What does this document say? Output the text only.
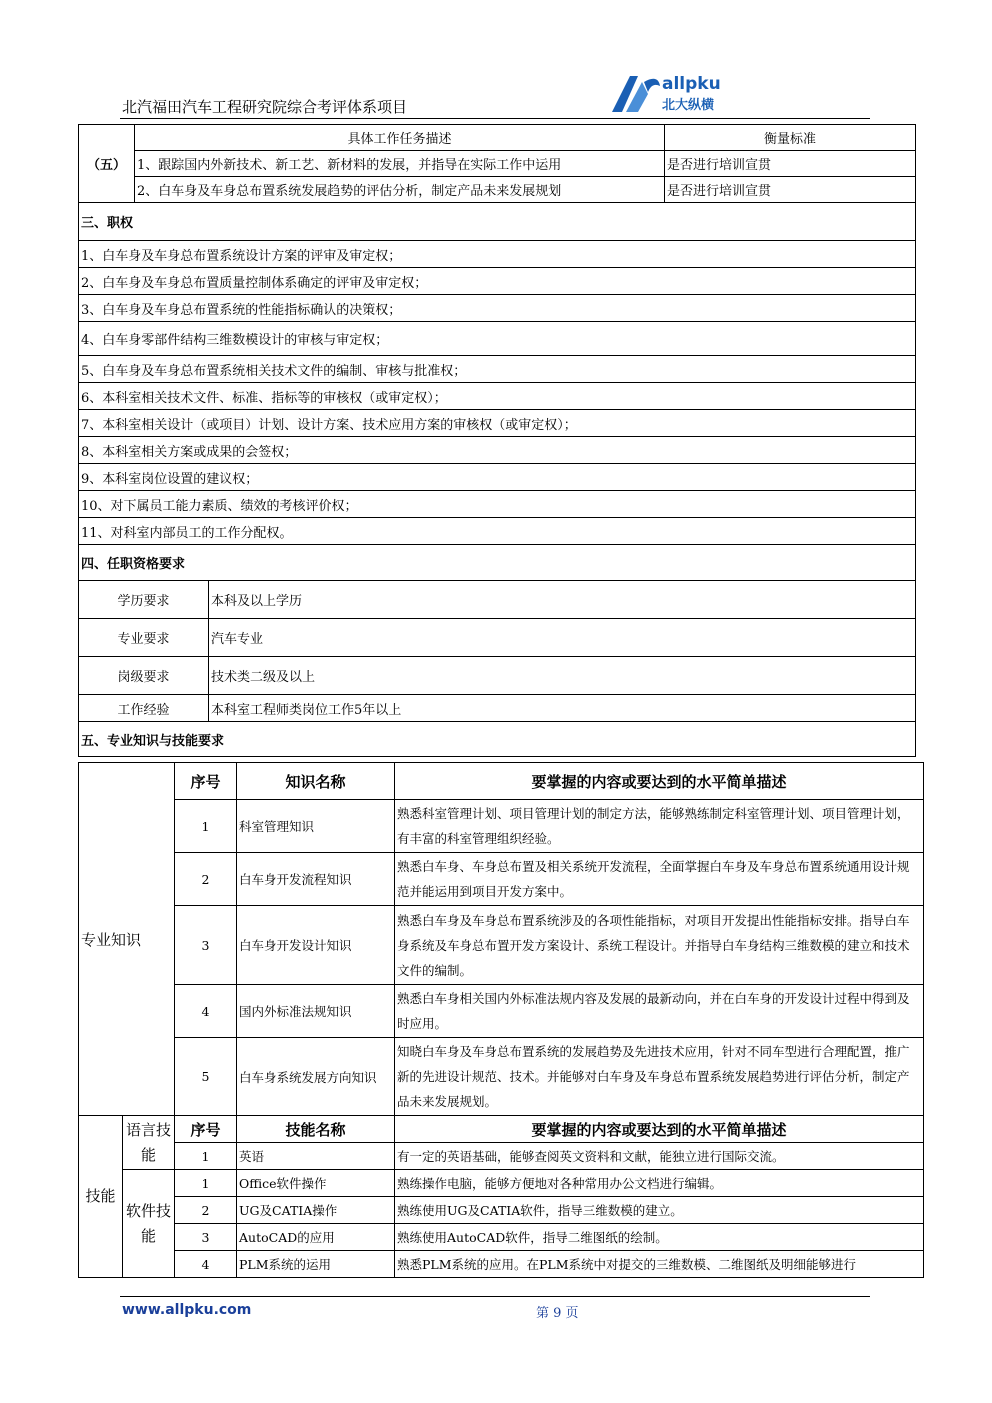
北汽福田汽车工程研究院综合考评体系项目
allpku
北大纵横
（五）	具体工作任务描述		衡量标准
	1、跟踪国内外新技术、新工艺、新材料的发展，并指导在实际工作中运用		是否进行培训宣贯
	2、白车身及车身总布置系统发展趋势的评估分析，制定产品未来发展规划		是否进行培训宣贯
三、职权			
1、白车身及车身总布置系统设计方案的评审及审定权；			
2、白车身及车身总布置质量控制体系确定的评审及审定权；			
3、白车身及车身总布置系统的性能指标确认的决策权；			
4、白车身零部件结构三维数模设计的审核与审定权；			
5、白车身及车身总布置系统相关技术文件的编制、审核与批准权；			
6、本科室相关技术文件、标准、指标等的审核权（或审定权）；			
7、本科室相关设计（或项目）计划、设计方案、技术应用方案的审核权（或审定权）；			
8、本科室相关方案或成果的会签权；			
9、本科室岗位设置的建议权；			
10、对下属员工能力素质、绩效的考核评价权；			
11、对科室内部员工的工作分配权。			
四、任职资格要求			
学历要求		本科及以上学历	
专业要求		汽车专业	
岗级要求		技术类二级及以上	
工作经验		本科室工程师类岗位工作5年以上	
五、专业知识与技能要求			
专业知识		序号	知识名称	要掌握的内容或要达到的水平简单描述
		1	科室管理知识	熟悉科室管理计划、项目管理计划的制定方法，能够熟练制定科室管理计划、项目管理计划，有丰富的科室管理组织经验。
		2	白车身开发流程知识	熟悉白车身、车身总布置及相关系统开发流程，全面掌握白车身及车身总布置系统通用设计规范并能运用到项目开发方案中。
		3	白车身开发设计知识	熟悉白车身及车身总布置系统涉及的各项性能指标，对项目开发提出性能指标安排。指导白车身系统及车身总布置开发方案设计、系统工程设计。并指导白车身结构三维数模的建立和技术文件的编制。
		4	国内外标准法规知识	熟悉白车身相关国内外标准法规内容及发展的最新动向，并在白车身的开发设计过程中得到及时应用。
		5	白车身系统发展方向知识	知晓白车身及车身总布置系统的发展趋势及先进技术应用，针对不同车型进行合理配置，推广新的先进设计规范、技术。并能够对白车身及车身总布置系统发展趋势进行评估分析，制定产品未来发展规划。
技能	语言技能	序号	技能名称	要掌握的内容或要达到的水平简单描述
		1	英语	有一定的英语基础，能够查阅英文资料和文献，能独立进行国际交流。
	软件技能	1	Office软件操作	熟练操作电脑，能够方便地对各种常用办公文档进行编辑。
		2	UG及CATIA操作	熟练使用UG及CATIA软件，指导三维数模的建立。
		3	AutoCAD的应用	熟练使用AutoCAD软件，指导二维图纸的绘制。
		4	PLM系统的运用	熟悉PLM系统的应用。在PLM系统中对提交的三维数模、二维图纸及明细能够进行
www.allpku.com	第 9 页
